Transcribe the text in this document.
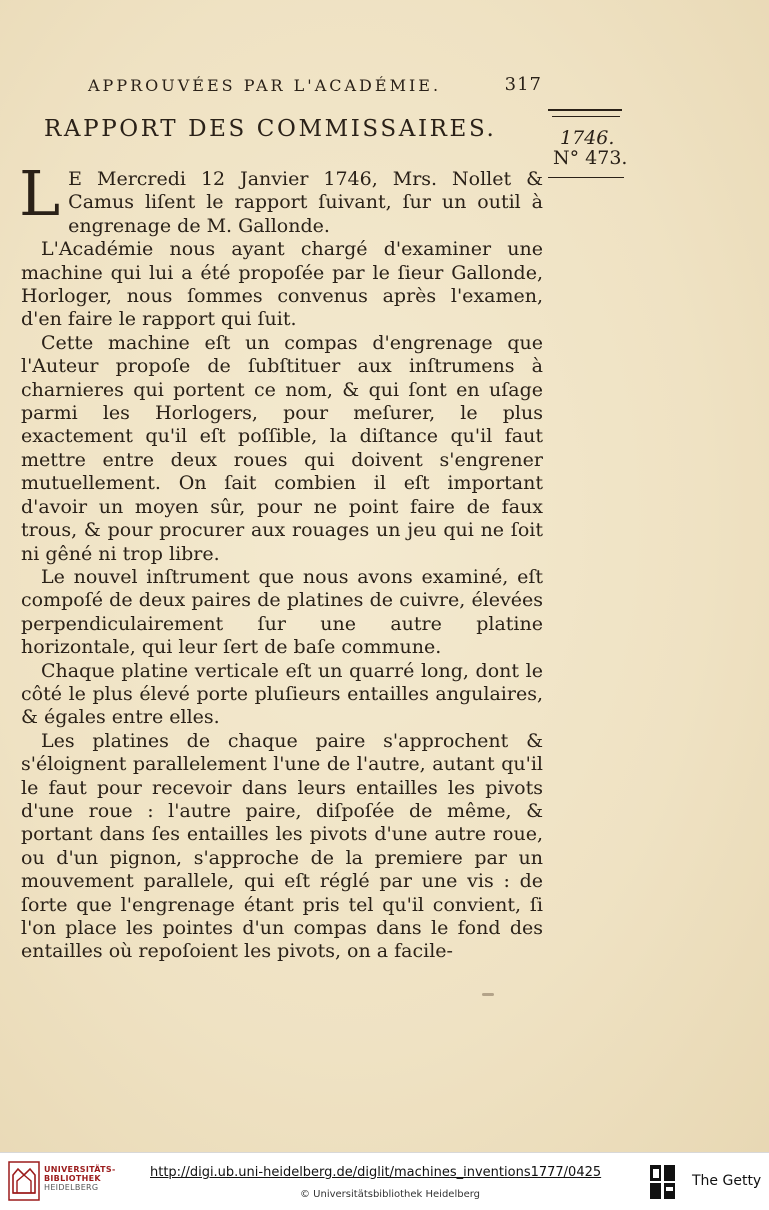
APPROUVÉES PAR L'ACADÉMIE.	317
1746.
N° 473.
RAPPORT DES COMMISSAIRES.

L E Mercredi 12 Janvier 1746, Mrs. Nollet & Camus liſent le rapport ſuivant, ſur un outil à engrenage de M. Gallonde.

L'Académie nous ayant chargé d'examiner une machine qui lui a été propoſée par le ſieur Gallonde, Horloger, nous ſommes convenus après l'examen, d'en faire le rapport qui ſuit.

Cette machine eſt un compas d'engrenage que l'Auteur propoſe de ſubſtituer aux inſtrumens à charnieres qui portent ce nom, & qui ſont en uſage parmi les Horlogers, pour meſurer, le plus exactement qu'il eſt poſſible, la diſtance qu'il faut mettre entre deux roues qui doivent s'engrener mutuellement. On ſait combien il eſt important d'avoir un moyen sûr, pour ne point faire de faux trous, & pour procurer aux rouages un jeu qui ne ſoit ni gêné ni trop libre.

Le nouvel inſtrument que nous avons examiné, eſt compoſé de deux paires de platines de cuivre, élevées perpendiculairement ſur une autre platine horizontale, qui leur ſert de baſe commune.

Chaque platine verticale eſt un quarré long, dont le côté le plus élevé porte pluſieurs entailles angulaires, & égales entre elles.

Les platines de chaque paire s'approchent & s'éloignent parallelement l'une de l'autre, autant qu'il le faut pour recevoir dans leurs entailles les pivots d'une roue : l'autre paire, diſpoſée de même, & portant dans ſes entailles les pivots d'une autre roue, ou d'un pignon, s'approche de la premiere par un mouvement parallele, qui eſt réglé par une vis : de ſorte que l'engrenage étant pris tel qu'il convient, ſi l'on place les pointes d'un compas dans le fond des entailles où repoſoient les pivots, on a facile-

UNIVERSITÄTS-
BIBLIOTHEK
HEIDELBERG
http://digi.ub.uni-heidelberg.de/diglit/machines_inventions1777/0425
© Universitätsbibliothek Heidelberg
The Getty
